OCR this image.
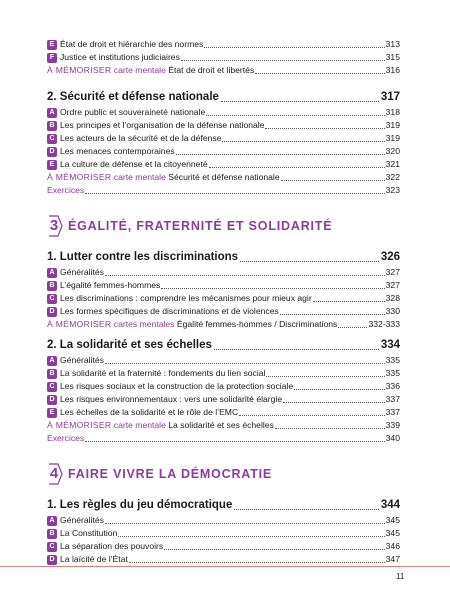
E État de droit et hiérarchie des normes	313
F Justice et institutions judiciaires	315
À MÉMORISER carte mentale État de droit et libertés	316
2. Sécurité et défense nationale	317
A Ordre public et souveraineté nationale	318
B Les principes et l’organisation de la défense nationale	319
C Les acteurs de la sécurité et de la défense	319
D Les menaces contemporaines	320
E La culture de défense et la citoyenneté	321
À MÉMORISER carte mentale Sécurité et défense nationale	322
Exercices	323
3 ÉGALITÉ, FRATERNITÉ ET SOLIDARITÉ
1. Lutter contre les discriminations	326
A Généralités	327
B L’égalité femmes-hommes	327
C Les discriminations : comprendre les mécanismes pour mieux agir	328
D Les formes spécifiques de discriminations et de violences	330
À MÉMORISER cartes mentales Égalité femmes-hommes / Discriminations	332-333
2. La solidarité et ses échelles	334
A Généralités	335
B La solidarité et la fraternité : fondements du lien social	335
C Les risques sociaux et la construction de la protection sociale	336
D Les risques environnementaux : vers une solidarité élargie	337
E Les échelles de la solidarité et le rôle de l’EMC	337
À MÉMORISER carte mentale La solidarité et ses échelles	339
Exercices	340
4 FAIRE VIVRE LA DÉMOCRATIE
1. Les règles du jeu démocratique	344
A Généralités	345
B La Constitution	345
C La séparation des pouvoirs	346
D La laïcité de l’État	347
11
